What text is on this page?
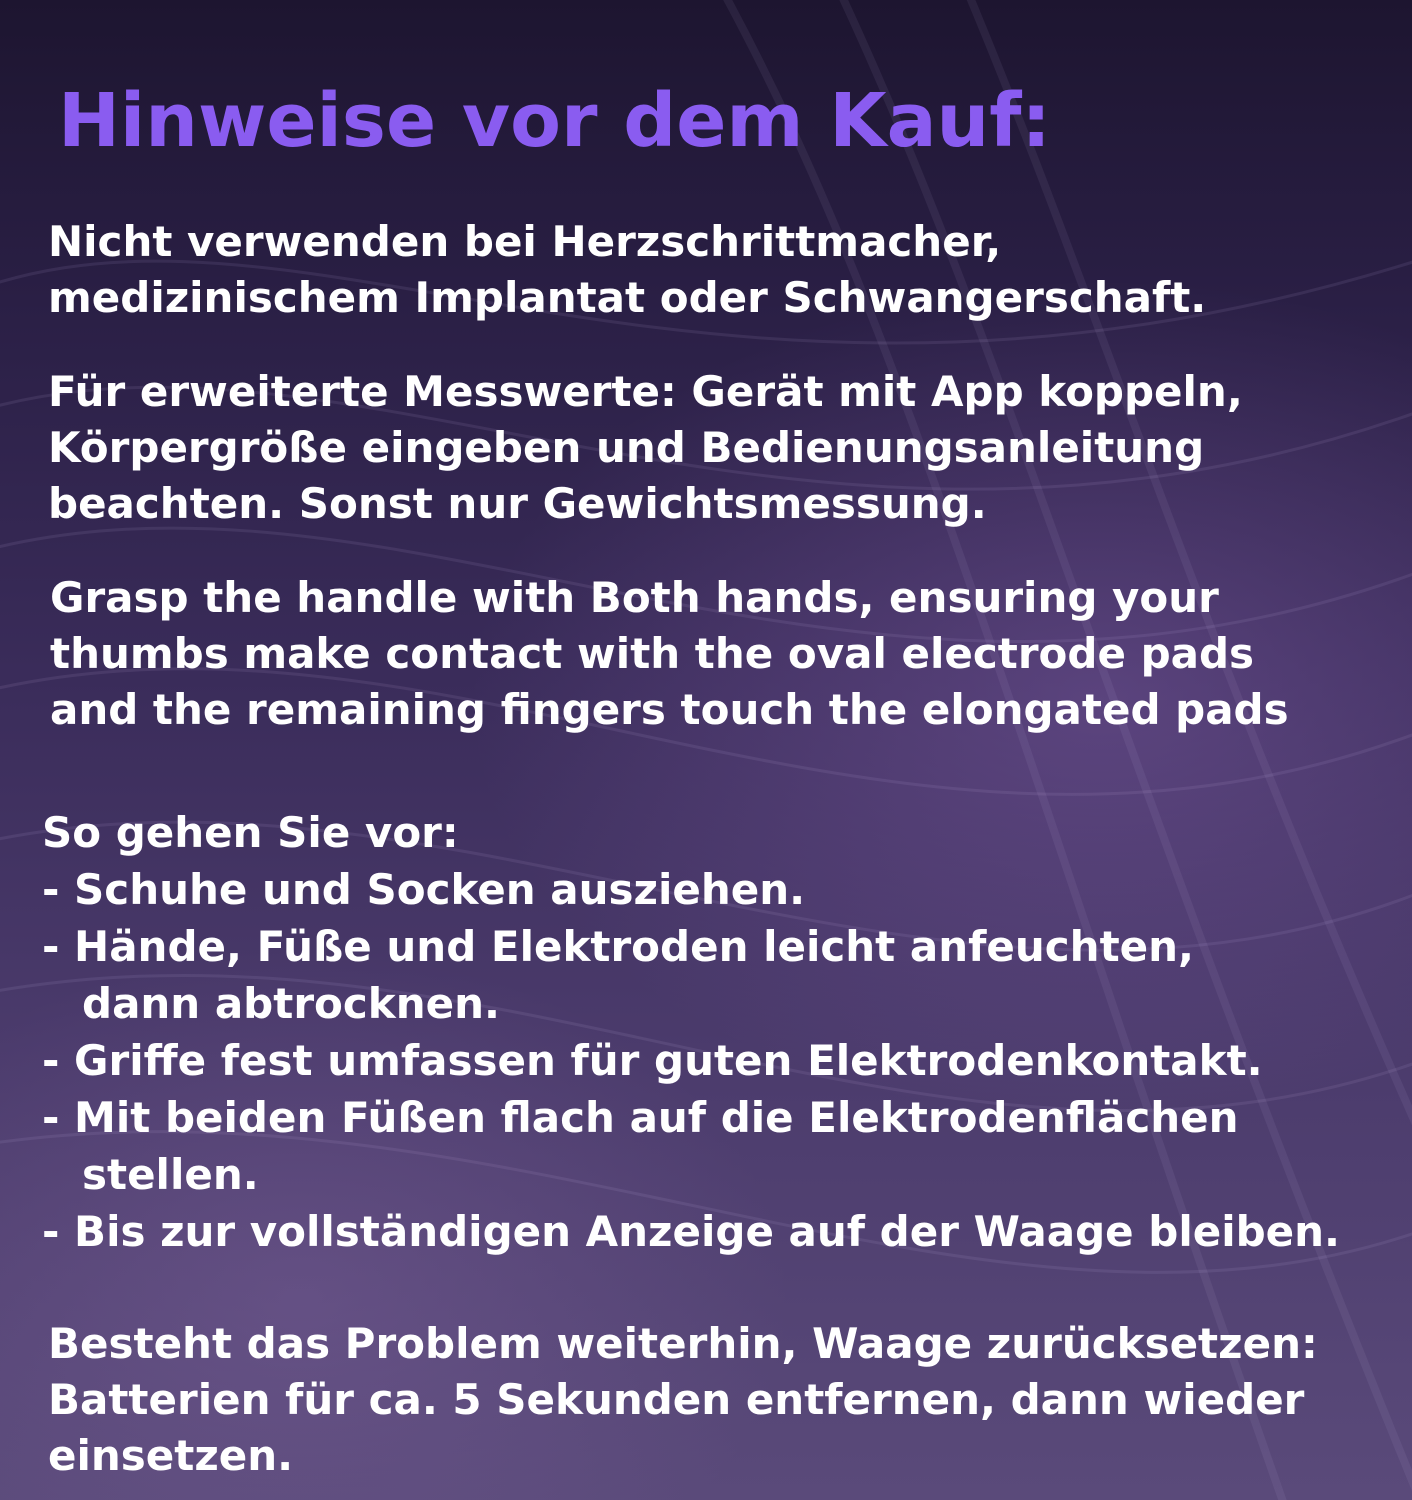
Hinweise vor dem Kauf:
Nicht verwenden bei Herzschrittmacher,
medizinischem Implantat oder Schwangerschaft.
Für erweiterte Messwerte: Gerät mit App koppeln,
Körpergröße eingeben und Bedienungsanleitung
beachten. Sonst nur Gewichtsmessung.
Grasp the handle with Both hands, ensuring your
thumbs make contact with the oval electrode pads
and the remaining fingers touch the elongated pads
So gehen Sie vor:
- Schuhe und Socken ausziehen.
- Hände, Füße und Elektroden leicht anfeuchten,
dann abtrocknen.
- Griffe fest umfassen für guten Elektrodenkontakt.
- Mit beiden Füßen flach auf die Elektrodenflächen
stellen.
- Bis zur vollständigen Anzeige auf der Waage bleiben.
Besteht das Problem weiterhin, Waage zurücksetzen:
Batterien für ca. 5 Sekunden entfernen, dann wieder
einsetzen.
